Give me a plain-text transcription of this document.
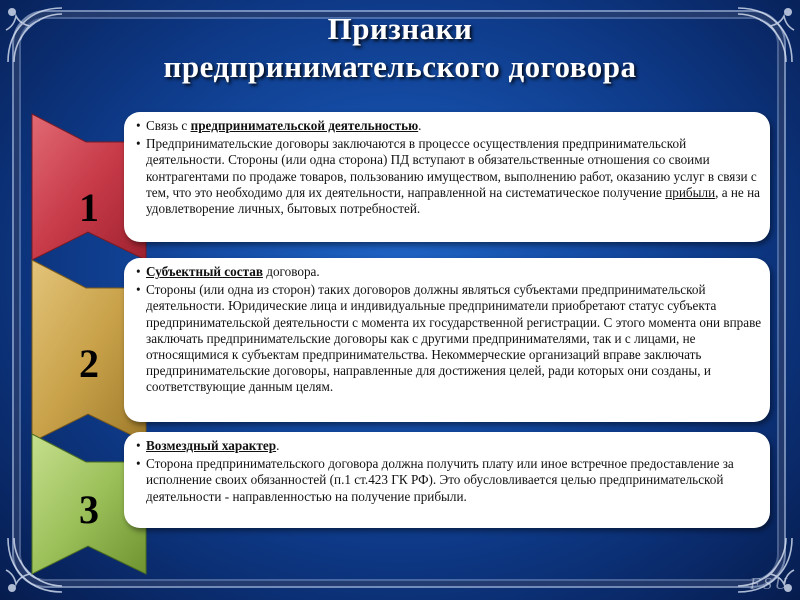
Признаки
предпринимательского договора
1
• Связь с предпринимательской деятельностью.
• Предпринимательские договоры заключаются в процессе осуществления предпринимательской деятельности. Стороны (или одна сторона) ПД вступают в обязательственные отношения со своими контрагентами по продаже товаров, пользованию имуществом, выполнению работ, оказанию услуг в связи с тем, что это необходимо для их деятельности, направленной на систематическое получение прибыли, а не на удовлетворение личных, бытовых потребностей.
2
• Субъектный состав договора.
• Стороны (или одна из сторон) таких договоров должны являться субъектами предпринимательской деятельности. Юридические лица и индивидуальные предприниматели приобретают статус субъекта предпринимательской деятельности с момента их государственной регистрации. С этого момента они вправе заключать предпринимательские договоры как с другими предпринимателями, так и с лицами, не относящимися к субъектам предпринимательства. Некоммерческие организаций вправе заключать предпринимательские договоры, направленные для достижения целей, ради которых они созданы, и соответствующие данным целям.
3
• Возмездный характер.
• Сторона предпринимательского договора должна получить плату или иное встречное предоставление за исполнение своих обязанностей (п.1 ст.423 ГК РФ). Это обусловливается целью предпринимательской деятельности - направленностью на получение прибыли.
FSU
